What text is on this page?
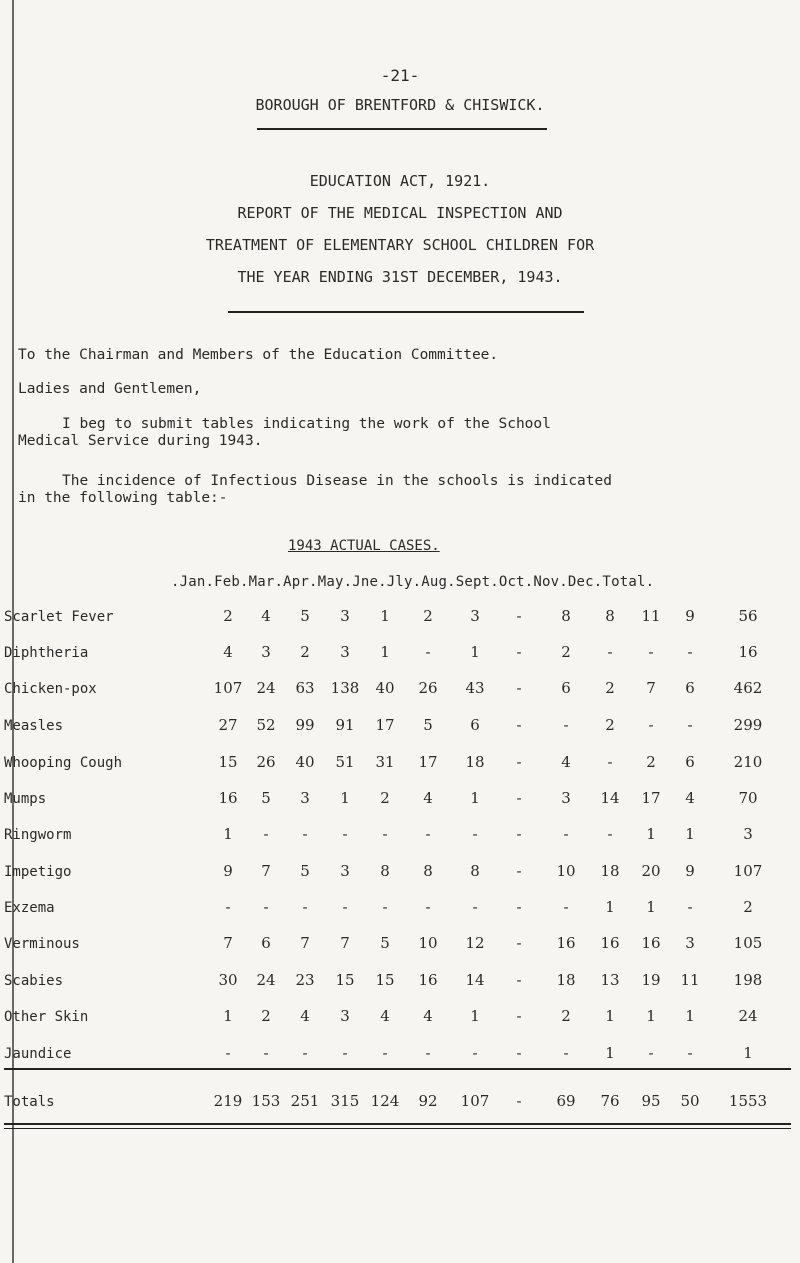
-21-
BOROUGH OF BRENTFORD & CHISWICK.
EDUCATION ACT, 1921.
REPORT OF THE MEDICAL INSPECTION AND
TREATMENT OF ELEMENTARY SCHOOL CHILDREN FOR
THE YEAR ENDING 31ST DECEMBER, 1943.
To the Chairman and Members of the Education Committee.
Ladies and Gentlemen,
I beg to submit tables indicating the work of the School
Medical Service during 1943.
The incidence of Infectious Disease in the schools is indicated
in the following table:-
1943 ACTUAL CASES.
.Jan.Feb.Mar.Apr.May.Jne.Jly.Aug.Sept.Oct.Nov.Dec.Total.
Scarlet Fever	2	4	5	3	1	2	3	-	8	8	11	9	56
Diphtheria	4	3	2	3	1	-	1	-	2	-	-	-	16
Chicken-pox	107 24	63	138	40	26	43	-	6	2	7	6	462
Measles	27	52	99	91	17	5	6	-	-	2	-	-	299
Whooping Cough	15	26	40	51	31	17	18	-	4	-	2	6	210
Mumps	16	5	3	1	2	4	1	-	3	14	17	4	70
Ringworm	1	-	-	-	-	-	-	-	-	-	1	1	3
Impetigo	9	7	5	3	8	8	8	-	10	18	20	9	107
Exzema	-	-	-	-	-	-	-	-	-	1	1	-	2
Verminous	7	6	7	7	5	10	12	-	16	16	16	3	105
Scabies	30	24	23	15	15	16	14	-	18	13	19	11	198
Other Skin	1	2	4	3	4	4	1	-	2	1	1	1	24
Jaundice	-	-	-	-	-	-	-	-	-	1	-	-	1
Totals	219 153 251 315 124	92	107	-	69	76	95	50	1553
